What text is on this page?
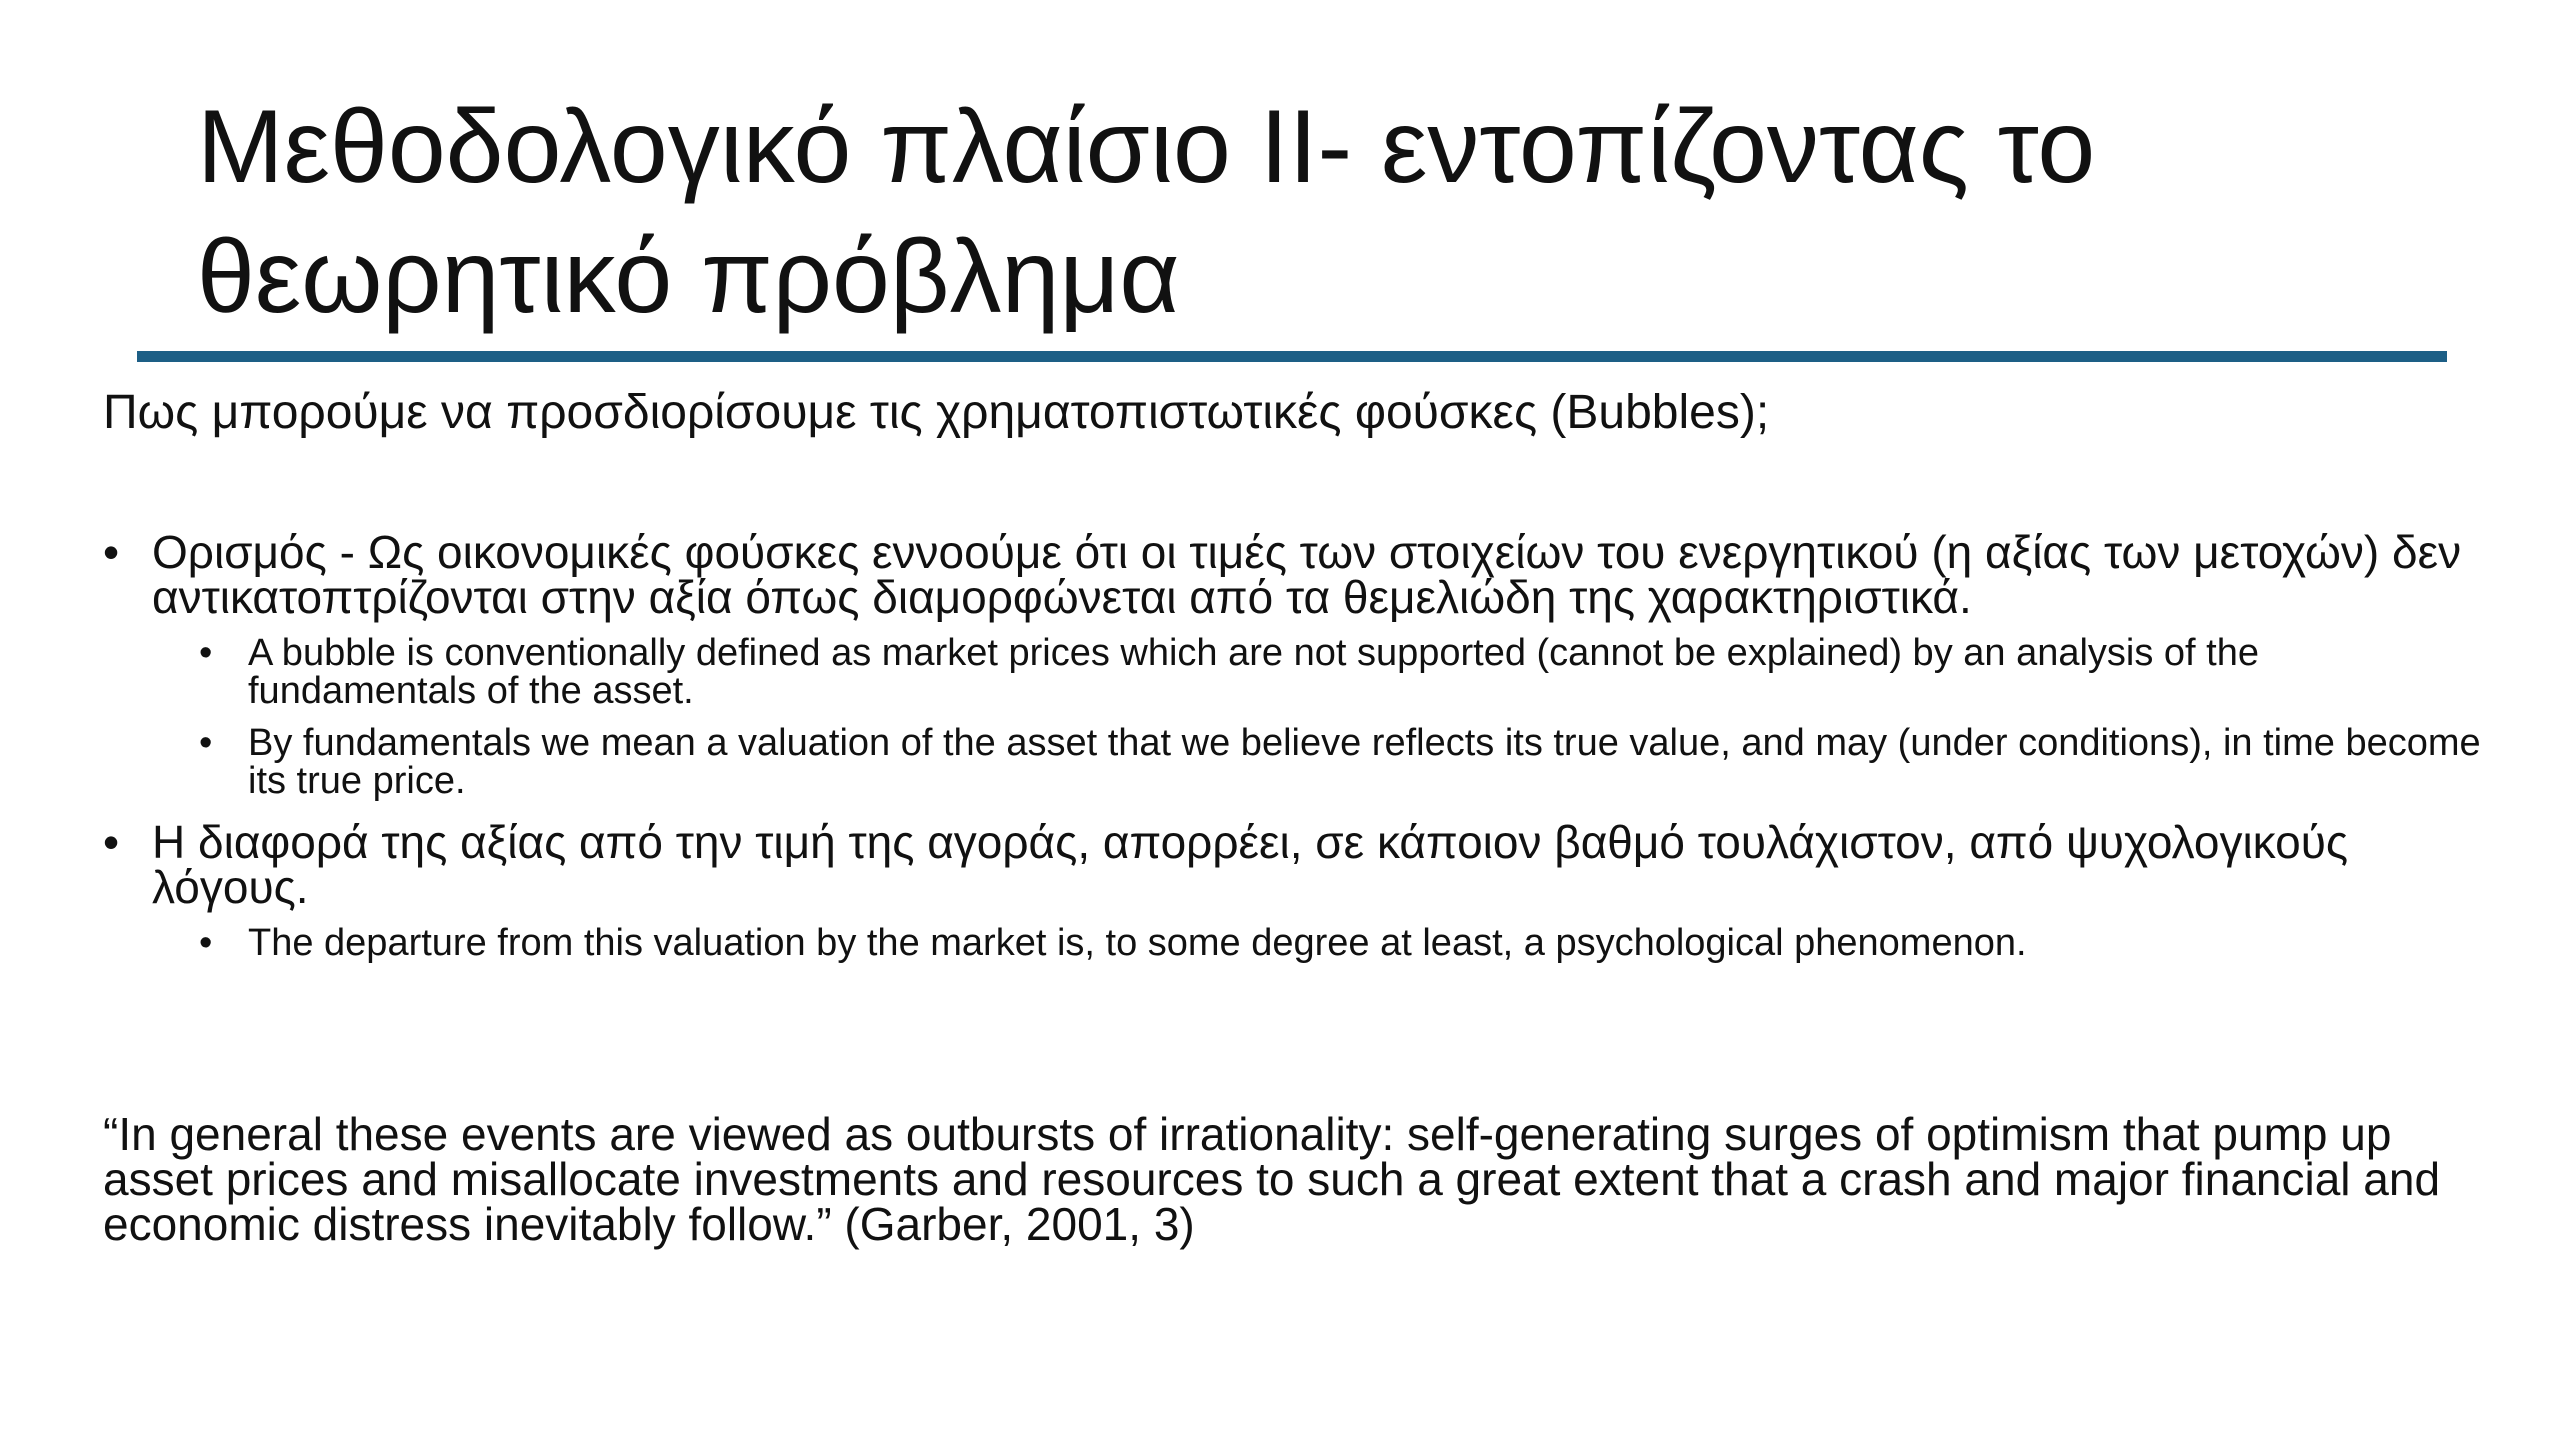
Μεθοδολογικό πλαίσιο ΙΙ- εντοπίζοντας το θεωρητικό πρόβλημα

Πως μπορούμε να προσδιορίσουμε τις χρηματοπιστωτικές φούσκες (Bubbles);

• Ορισμός - Ως οικονομικές φούσκες εννοούμε ότι οι τιμές των στοιχείων του ενεργητικού (η αξίας των μετοχών) δεν αντικατοπτρίζονται στην αξία όπως διαμορφώνεται από τα θεμελιώδη της χαρακτηριστικά.
• A bubble is conventionally defined as market prices which are not supported (cannot be explained) by an analysis of the fundamentals of the asset.
• By fundamentals we mean a valuation of the asset that we believe reflects its true value, and may (under conditions), in time become its true price.
• Η διαφορά της αξίας από την τιμή της αγοράς, απορρέει, σε κάποιον βαθμό τουλάχιστον, από ψυχολογικούς λόγους.
• The departure from this valuation by the market is, to some degree at least, a psychological phenomenon.

“In general these events are viewed as outbursts of irrationality: self-generating surges of optimism that pump up asset prices and misallocate investments and resources to such a great extent that a crash and major financial and economic distress inevitably follow.” (Garber, 2001, 3)
